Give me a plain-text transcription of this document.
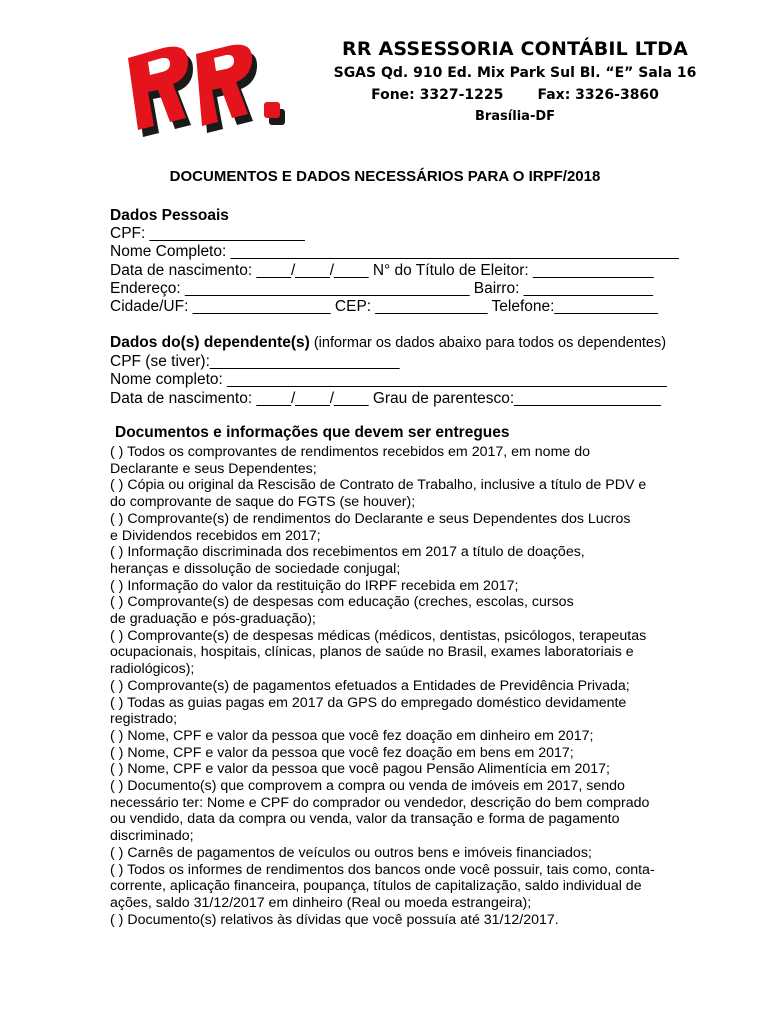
RR ASSESSORIA CONTÁBIL LTDA

SGAS Qd. 910 Ed. Mix Park Sul Bl. “E” Sala 16

Fone: 3327-1225       Fax: 3326-3860

Brasília-DF

DOCUMENTOS E DADOS NECESSÁRIOS PARA O IRPF/2018

Dados Pessoais

CPF: __________________

Nome Completo: ____________________________________________________

Data de nascimento: ____/____/____ N° do Título de Eleitor: ______________

Endereço: _________________________________ Bairro: _______________

Cidade/UF: ________________ CEP: _____________ Telefone:____________

Dados do(s) dependente(s) (informar os dados abaixo para todos os dependentes)

CPF (se tiver):______________________

Nome completo: ___________________________________________________

Data de nascimento: ____/____/____ Grau de parentesco:_________________

Documentos e informações que devem ser entregues

( ) Todos os comprovantes de rendimentos recebidos em 2017, em nome do
Declarante e seus Dependentes;

( ) Cópia ou original da Rescisão de Contrato de Trabalho, inclusive a título de PDV e
do comprovante de saque do FGTS (se houver);

( ) Comprovante(s) de rendimentos do Declarante e seus Dependentes dos Lucros
e Dividendos recebidos em 2017;

( ) Informação discriminada dos recebimentos em 2017 a título de doações,
heranças e dissolução de sociedade conjugal;

( ) Informação do valor da restituição do IRPF recebida em 2017;

( ) Comprovante(s) de despesas com educação (creches, escolas, cursos
de graduação e pós-graduação);

( ) Comprovante(s) de despesas médicas (médicos, dentistas, psicólogos, terapeutas
ocupacionais, hospitais, clínicas, planos de saúde no Brasil, exames laboratoriais e
radiológicos);

( ) Comprovante(s) de pagamentos efetuados a Entidades de Previdência Privada;

( ) Todas as guias pagas em 2017 da GPS do empregado doméstico devidamente
registrado;

( ) Nome, CPF e valor da pessoa que você fez doação em dinheiro em 2017;

( ) Nome, CPF e valor da pessoa que você fez doação em bens em 2017;

( ) Nome, CPF e valor da pessoa que você pagou Pensão Alimentícia em 2017;

( ) Documento(s) que comprovem a compra ou venda de imóveis em 2017, sendo
necessário ter: Nome e CPF do comprador ou vendedor, descrição do bem comprado
ou vendido, data da compra ou venda, valor da transação e forma de pagamento
discriminado;

( ) Carnês de pagamentos de veículos ou outros bens e imóveis financiados;

( ) Todos os informes de rendimentos dos bancos onde você possuir, tais como, conta-
corrente, aplicação financeira, poupança, títulos de capitalização, saldo individual de
ações, saldo 31/12/2017 em dinheiro (Real ou moeda estrangeira);

( ) Documento(s) relativos às dívidas que você possuía até 31/12/2017.
